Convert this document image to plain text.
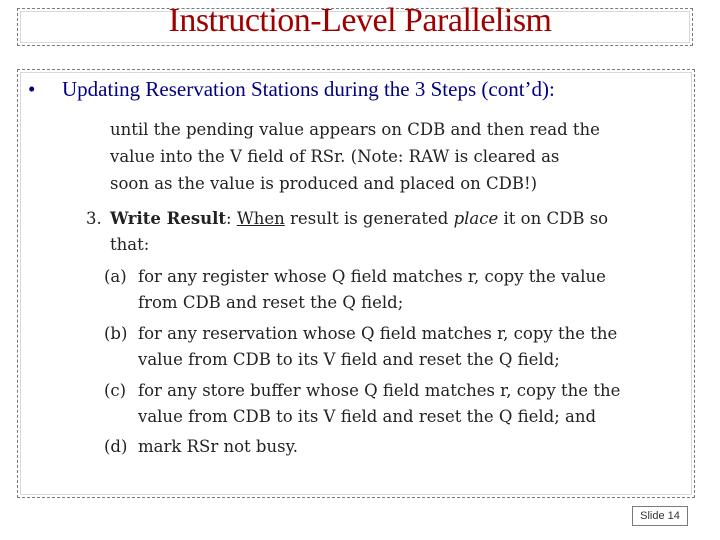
Instruction-Level Parallelism
• Updating Reservation Stations during the 3 Steps (cont’d):
until the pending value appears on CDB and then read the
value into the V field of RSr. (Note: RAW is cleared as
soon as the value is produced and placed on CDB!)
3. Write Result: When result is generated place it on CDB so
that:
(a) for any register whose Q field matches r, copy the value
from CDB and reset the Q field;
(b) for any reservation whose Q field matches r, copy the the
value from CDB to its V field and reset the Q field;
(c) for any store buffer whose Q field matches r, copy the the
value from CDB to its V field and reset the Q field; and
(d) mark RSr not busy.
Slide 14
